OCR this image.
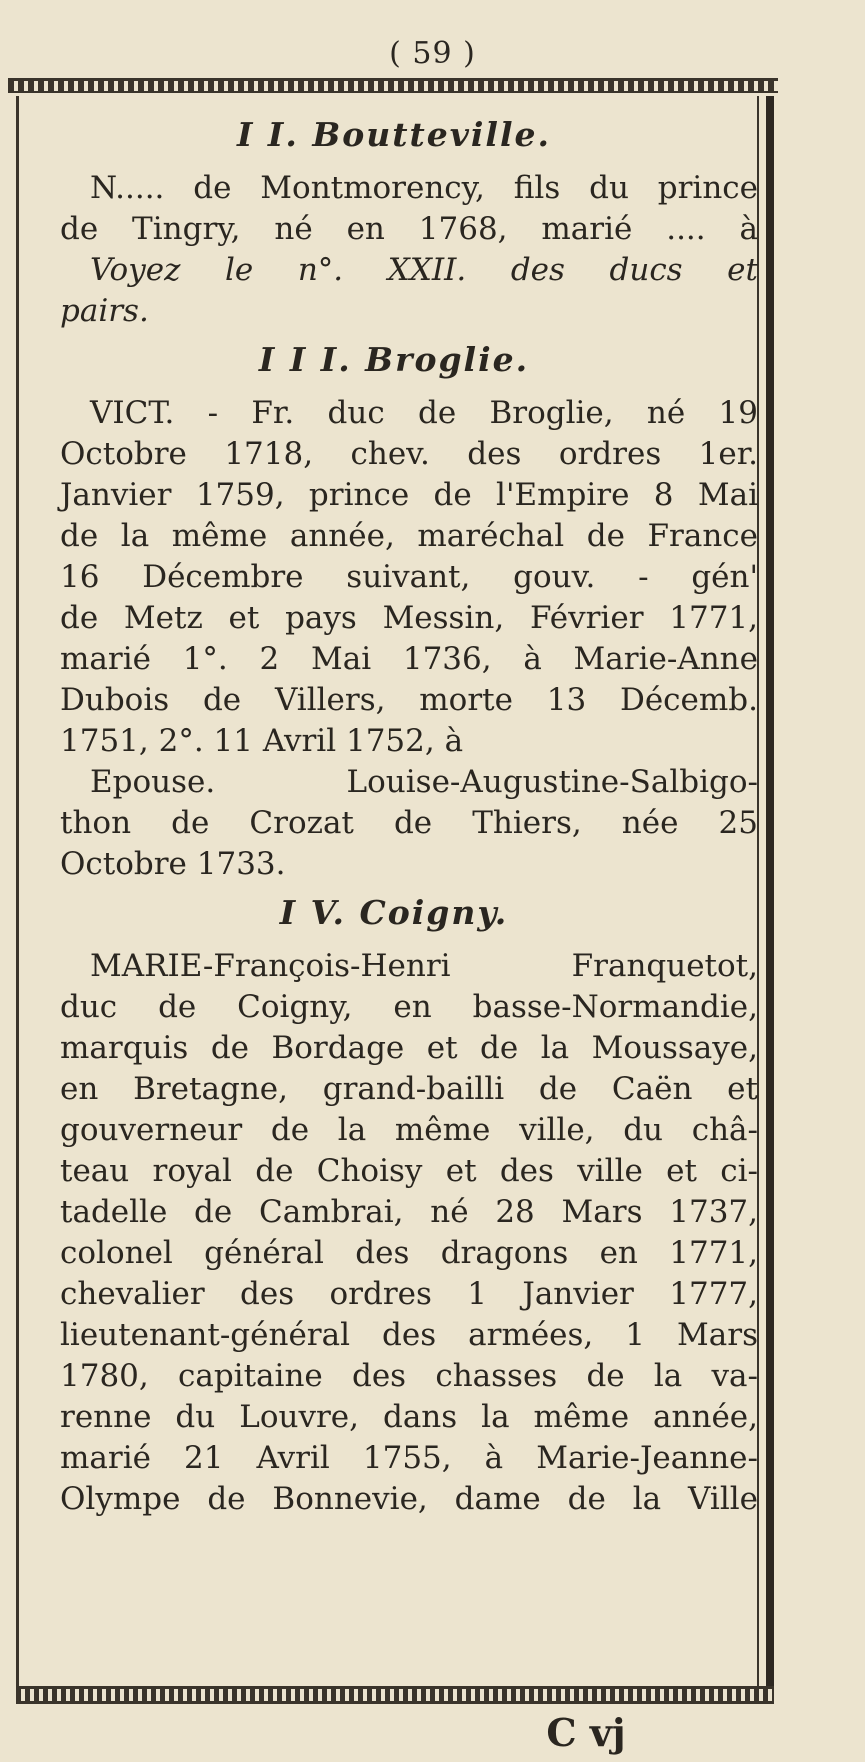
( 59 )
I I. Boutteville.
N..... de Montmorency, fils du prince
de Tingry, né en 1768, marié .... à
Voyez le n°. XXII. des ducs et
pairs.
I I I. Broglie.
VICT. - Fr. duc de Broglie, né 19
Octobre 1718, chev. des ordres 1er.
Janvier 1759, prince de l'Empire 8 Mai
de la même année, maréchal de France
16 Décembre suivant, gouv. - gén'
de Metz et pays Messin, Février 1771,
marié 1°. 2 Mai 1736, à Marie-Anne
Dubois de Villers, morte 13 Décemb.
1751, 2°. 11 Avril 1752, à
Epouse. Louise-Augustine-Salbigo-
thon de Crozat de Thiers, née 25
Octobre 1733.
I V. Coigny.
MARIE-François-Henri Franquetot,
duc de Coigny, en basse-Normandie,
marquis de Bordage et de la Moussaye,
en Bretagne, grand-bailli de Caën et
gouverneur de la même ville, du châ-
teau royal de Choisy et des ville et ci-
tadelle de Cambrai, né 28 Mars 1737,
colonel général des dragons en 1771,
chevalier des ordres 1 Janvier 1777,
lieutenant-général des armées, 1 Mars
1780, capitaine des chasses de la va-
renne du Louvre, dans la même année,
marié 21 Avril 1755, à Marie-Jeanne-
Olympe de Bonnevie, dame de la Ville
C vj
